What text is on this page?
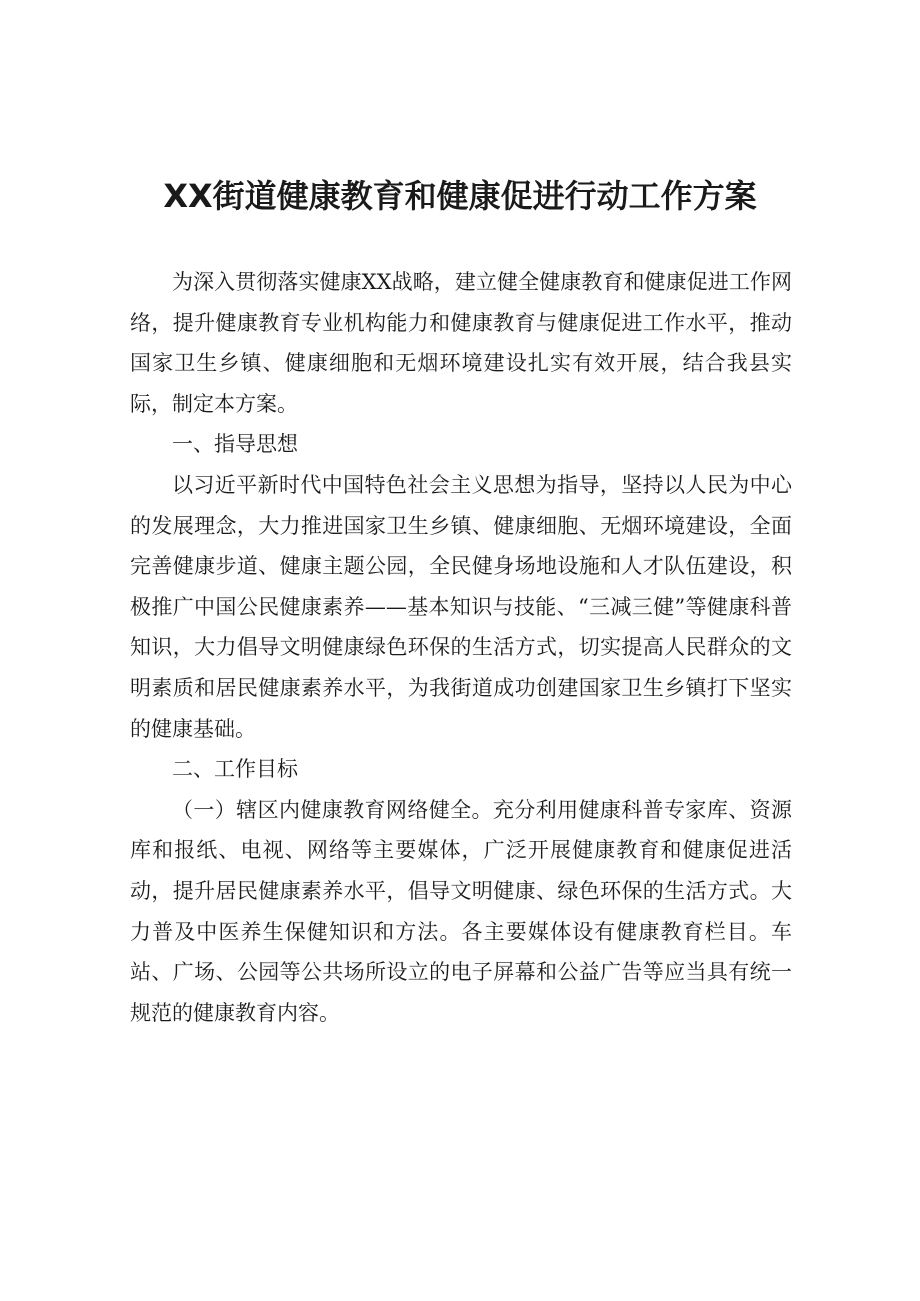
XX街道健康教育和健康促进行动工作方案

为深入贯彻落实健康XX战略，建立健全健康教育和健康促进工作网络，提升健康教育专业机构能力和健康教育与健康促进工作水平，推动国家卫生乡镇、健康细胞和无烟环境建设扎实有效开展，结合我县实际，制定本方案。

一、指导思想

以习近平新时代中国特色社会主义思想为指导，坚持以人民为中心的发展理念，大力推进国家卫生乡镇、健康细胞、无烟环境建设，全面完善健康步道、健康主题公园，全民健身场地设施和人才队伍建设，积极推广中国公民健康素养——基本知识与技能、“三减三健”等健康科普知识，大力倡导文明健康绿色环保的生活方式，切实提高人民群众的文明素质和居民健康素养水平，为我街道成功创建国家卫生乡镇打下坚实的健康基础。

二、工作目标

（一）辖区内健康教育网络健全。充分利用健康科普专家库、资源库和报纸、电视、网络等主要媒体，广泛开展健康教育和健康促进活动，提升居民健康素养水平，倡导文明健康、绿色环保的生活方式。大力普及中医养生保健知识和方法。各主要媒体设有健康教育栏目。车站、广场、公园等公共场所设立的电子屏幕和公益广告等应当具有统一规范的健康教育内容。
